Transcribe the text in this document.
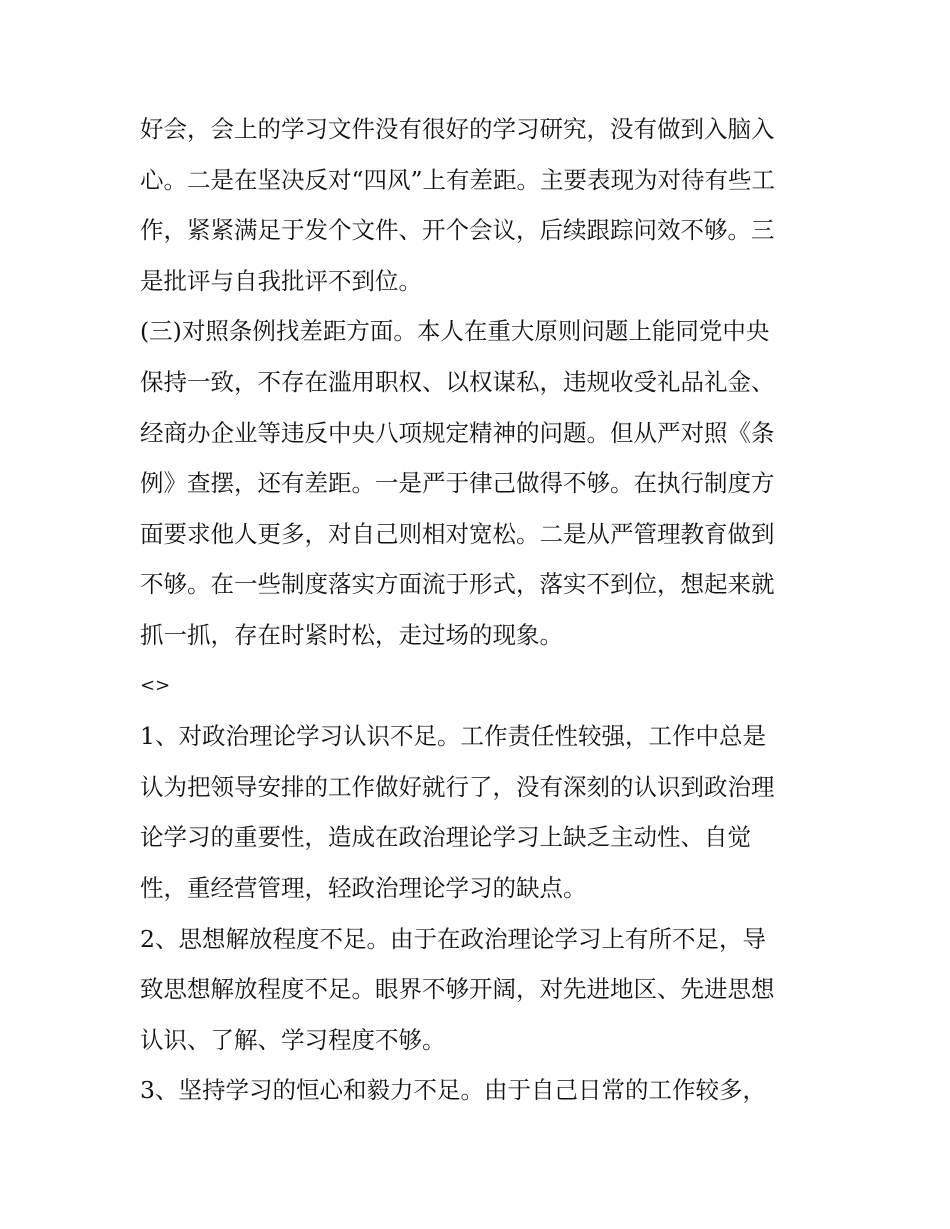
好会，会上的学习文件没有很好的学习研究，没有做到入脑入
心。二是在坚决反对“四风”上有差距。主要表现为对待有些工
作，紧紧满足于发个文件、开个会议，后续跟踪问效不够。三
是批评与自我批评不到位。
(三)对照条例找差距方面。本人在重大原则问题上能同党中央
保持一致，不存在滥用职权、以权谋私，违规收受礼品礼金、
经商办企业等违反中央八项规定精神的问题。但从严对照《条
例》查摆，还有差距。一是严于律己做得不够。在执行制度方
面要求他人更多，对自己则相对宽松。二是从严管理教育做到
不够。在一些制度落实方面流于形式，落实不到位，想起来就
抓一抓，存在时紧时松，走过场的现象。
<>
1、对政治理论学习认识不足。工作责任性较强，工作中总是
认为把领导安排的工作做好就行了，没有深刻的认识到政治理
论学习的重要性，造成在政治理论学习上缺乏主动性、自觉
性，重经营管理，轻政治理论学习的缺点。
2、思想解放程度不足。由于在政治理论学习上有所不足，导
致思想解放程度不足。眼界不够开阔，对先进地区、先进思想
认识、了解、学习程度不够。
3、坚持学习的恒心和毅力不足。由于自己日常的工作较多，
